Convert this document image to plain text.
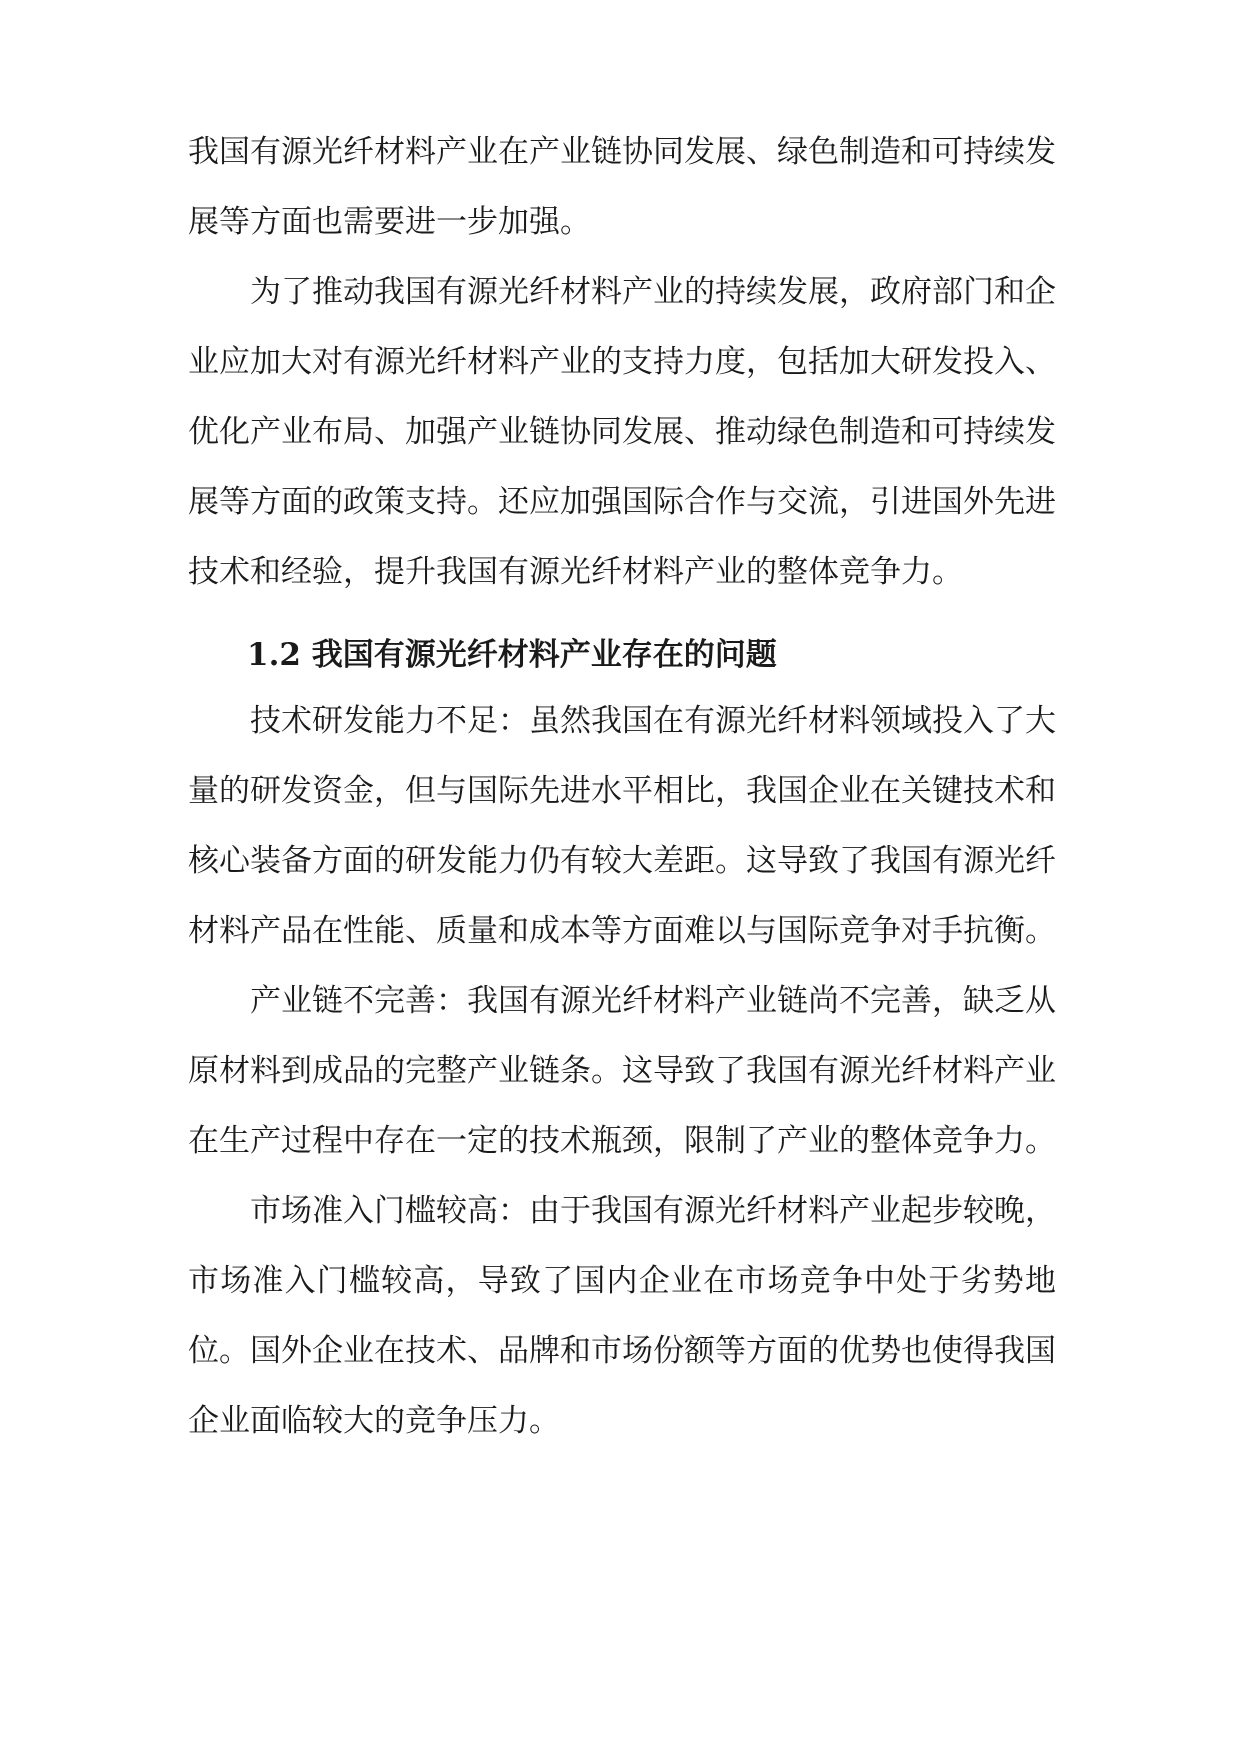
我国有源光纤材料产业在产业链协同发展、绿色制造和可持续发展等方面也需要进一步加强。

为了推动我国有源光纤材料产业的持续发展，政府部门和企业应加大对有源光纤材料产业的支持力度，包括加大研发投入、优化产业布局、加强产业链协同发展、推动绿色制造和可持续发展等方面的政策支持。还应加强国际合作与交流，引进国外先进技术和经验，提升我国有源光纤材料产业的整体竞争力。

1.2 我国有源光纤材料产业存在的问题

技术研发能力不足：虽然我国在有源光纤材料领域投入了大量的研发资金，但与国际先进水平相比，我国企业在关键技术和核心装备方面的研发能力仍有较大差距。这导致了我国有源光纤材料产品在性能、质量和成本等方面难以与国际竞争对手抗衡。

产业链不完善：我国有源光纤材料产业链尚不完善，缺乏从原材料到成品的完整产业链条。这导致了我国有源光纤材料产业在生产过程中存在一定的技术瓶颈，限制了产业的整体竞争力。

市场准入门槛较高：由于我国有源光纤材料产业起步较晚，市场准入门槛较高，导致了国内企业在市场竞争中处于劣势地位。国外企业在技术、品牌和市场份额等方面的优势也使得我国企业面临较大的竞争压力。
